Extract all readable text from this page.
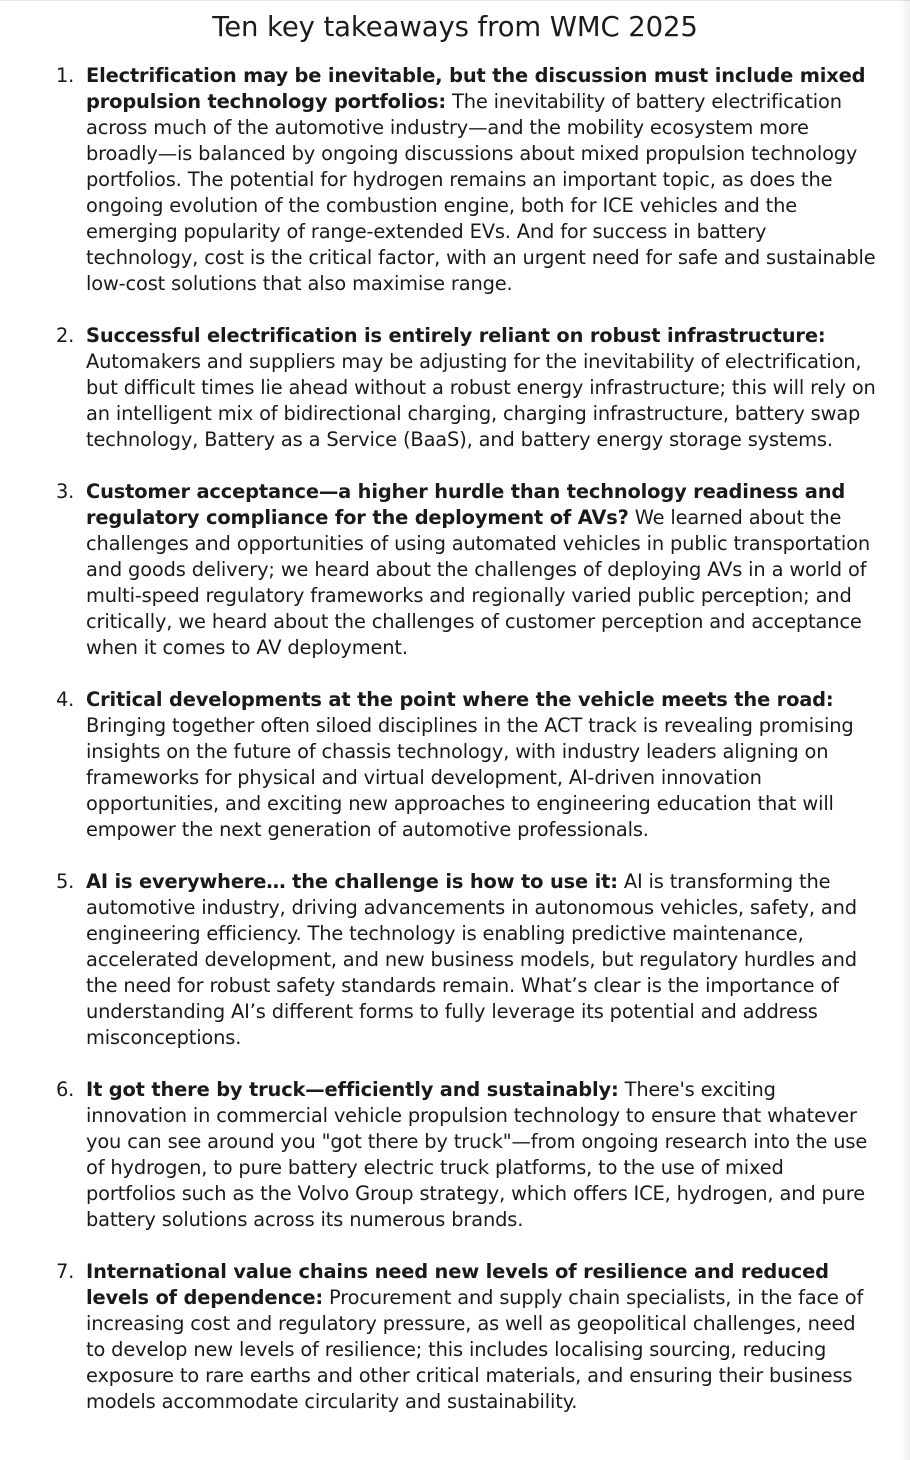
Ten key takeaways from WMC 2025
1. Electrification may be inevitable, but the discussion must include mixed propulsion technology portfolios: The inevitability of battery electrification across much of the automotive industry—and the mobility ecosystem more broadly—is balanced by ongoing discussions about mixed propulsion technology portfolios. The potential for hydrogen remains an important topic, as does the ongoing evolution of the combustion engine, both for ICE vehicles and the emerging popularity of range-extended EVs. And for success in battery technology, cost is the critical factor, with an urgent need for safe and sustainable low-cost solutions that also maximise range.
2. Successful electrification is entirely reliant on robust infrastructure: Automakers and suppliers may be adjusting for the inevitability of electrification, but difficult times lie ahead without a robust energy infrastructure; this will rely on an intelligent mix of bidirectional charging, charging infrastructure, battery swap technology, Battery as a Service (BaaS), and battery energy storage systems.
3. Customer acceptance—a higher hurdle than technology readiness and regulatory compliance for the deployment of AVs? We learned about the challenges and opportunities of using automated vehicles in public transportation and goods delivery; we heard about the challenges of deploying AVs in a world of multi-speed regulatory frameworks and regionally varied public perception; and critically, we heard about the challenges of customer perception and acceptance when it comes to AV deployment.
4. Critical developments at the point where the vehicle meets the road: Bringing together often siloed disciplines in the ACT track is revealing promising insights on the future of chassis technology, with industry leaders aligning on frameworks for physical and virtual development, AI-driven innovation opportunities, and exciting new approaches to engineering education that will empower the next generation of automotive professionals.
5. AI is everywhere… the challenge is how to use it: AI is transforming the automotive industry, driving advancements in autonomous vehicles, safety, and engineering efficiency. The technology is enabling predictive maintenance, accelerated development, and new business models, but regulatory hurdles and the need for robust safety standards remain. What’s clear is the importance of understanding AI’s different forms to fully leverage its potential and address misconceptions.
6. It got there by truck—efficiently and sustainably: There's exciting innovation in commercial vehicle propulsion technology to ensure that whatever you can see around you "got there by truck"—from ongoing research into the use of hydrogen, to pure battery electric truck platforms, to the use of mixed portfolios such as the Volvo Group strategy, which offers ICE, hydrogen, and pure battery solutions across its numerous brands.
7. International value chains need new levels of resilience and reduced levels of dependence: Procurement and supply chain specialists, in the face of increasing cost and regulatory pressure, as well as geopolitical challenges, need to develop new levels of resilience; this includes localising sourcing, reducing exposure to rare earths and other critical materials, and ensuring their business models accommodate circularity and sustainability.
